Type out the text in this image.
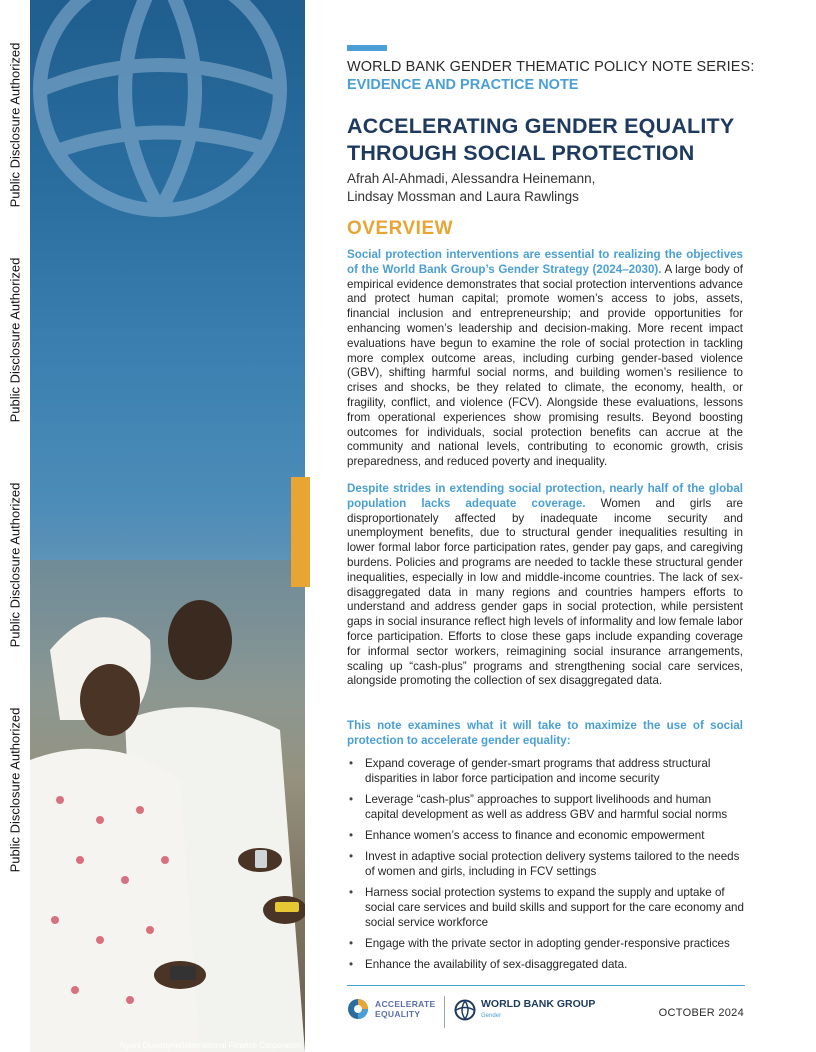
Public Disclosure Authorized
Public Disclosure Authorized
Public Disclosure Authorized
Public Disclosure Authorized
Nyani Quarmyne/International Finance Corporation
WORLD BANK GENDER THEMATIC POLICY NOTE SERIES:
EVIDENCE AND PRACTICE NOTE
ACCELERATING GENDER EQUALITY
THROUGH SOCIAL PROTECTION
Afrah Al-Ahmadi, Alessandra Heinemann,
Lindsay Mossman and Laura Rawlings
OVERVIEW

Social protection interventions are essential to realizing the objectives of the World Bank Group’s Gender Strategy (2024–2030). A large body of empirical evidence demonstrates that social protection interventions advance and protect human capital; promote women’s access to jobs, assets, financial inclusion and entrepreneurship; and provide opportunities for enhancing women’s leadership and decision-making. More recent impact evaluations have begun to examine the role of social protection in tackling more complex outcome areas, including curbing gender-based violence (GBV), shifting harmful social norms, and building women’s resilience to crises and shocks, be they related to climate, the economy, health, or fragility, conflict, and violence (FCV). Alongside these evaluations, lessons from operational experiences show promising results. Beyond boosting outcomes for individuals, social protection benefits can accrue at the community and national levels, contributing to economic growth, crisis preparedness, and reduced poverty and inequality.

Despite strides in extending social protection, nearly half of the global population lacks adequate coverage. Women and girls are disproportionately affected by inadequate income security and unemployment benefits, due to structural gender inequalities resulting in lower formal labor force participation rates, gender pay gaps, and caregiving burdens. Policies and programs are needed to tackle these structural gender inequalities, especially in low and middle-income countries. The lack of sex-disaggregated data in many regions and countries hampers efforts to understand and address gender gaps in social protection, while persistent gaps in social insurance reflect high levels of informality and low female labor force participation. Efforts to close these gaps include expanding coverage for informal sector workers, reimagining social insurance arrangements, scaling up “cash-plus” programs and strengthening social care services, alongside promoting the collection of sex disaggregated data.

This note examines what it will take to maximize the use of social protection to accelerate gender equality:

• Expand coverage of gender-smart programs that address structural disparities in labor force participation and income security
• Leverage “cash-plus” approaches to support livelihoods and human capital development as well as address GBV and harmful social norms
• Enhance women’s access to finance and economic empowerment
• Invest in adaptive social protection delivery systems tailored to the needs of women and girls, including in FCV settings
• Harness social protection systems to expand the supply and uptake of social care services and build skills and support for the care economy and social service workforce
• Engage with the private sector in adopting gender-responsive practices
• Enhance the availability of sex-disaggregated data.
ACCELERATE
EQUALITY
WORLD BANK GROUP
Gender	OCTOBER 2024
